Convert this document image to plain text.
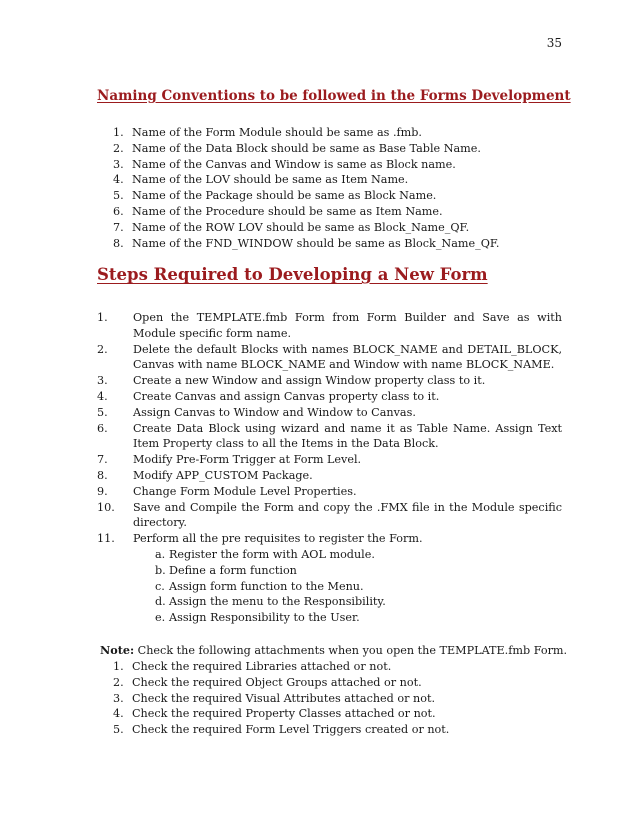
35
Naming Conventions to be followed in the Forms Development
1. Name of the Form Module should be same as .fmb.
2. Name of the Data Block should be same as Base Table Name.
3. Name of the Canvas and Window is same as Block name.
4. Name of the LOV should be same as Item Name.
5. Name of the Package should be same as Block Name.
6. Name of the Procedure should be same as Item Name.
7. Name of the ROW LOV should be same as Block_Name_QF.
8. Name of the FND_WINDOW should be same as Block_Name_QF.
Steps Required to Developing a New Form
1. Open the TEMPLATE.fmb Form from Form Builder and Save as with Module specific form name.
2. Delete the default Blocks with names BLOCK_NAME and DETAIL_BLOCK, Canvas with name BLOCK_NAME and Window with name BLOCK_NAME.
3. Create a new Window and assign Window property class to it.
4. Create Canvas and assign Canvas property class to it.
5. Assign Canvas to Window and Window to Canvas.
6. Create Data Block using wizard and name it as Table Name. Assign Text Item Property class to all the Items in the Data Block.
7. Modify Pre-Form Trigger at Form Level.
8. Modify APP_CUSTOM Package.
9. Change Form Module Level Properties.
10. Save and Compile the Form and copy the .FMX file in the Module specific directory.
11. Perform all the pre requisites to register the Form.
a. Register the form with AOL module.
b. Define a form function
c. Assign form function to the Menu.
d. Assign the menu to the Responsibility.
e. Assign Responsibility to the User.
Note: Check the following attachments when you open the TEMPLATE.fmb Form.
1. Check the required Libraries attached or not.
2. Check the required Object Groups attached or not.
3. Check the required Visual Attributes attached or not.
4. Check the required Property Classes attached or not.
5. Check the required Form Level Triggers created or not.
